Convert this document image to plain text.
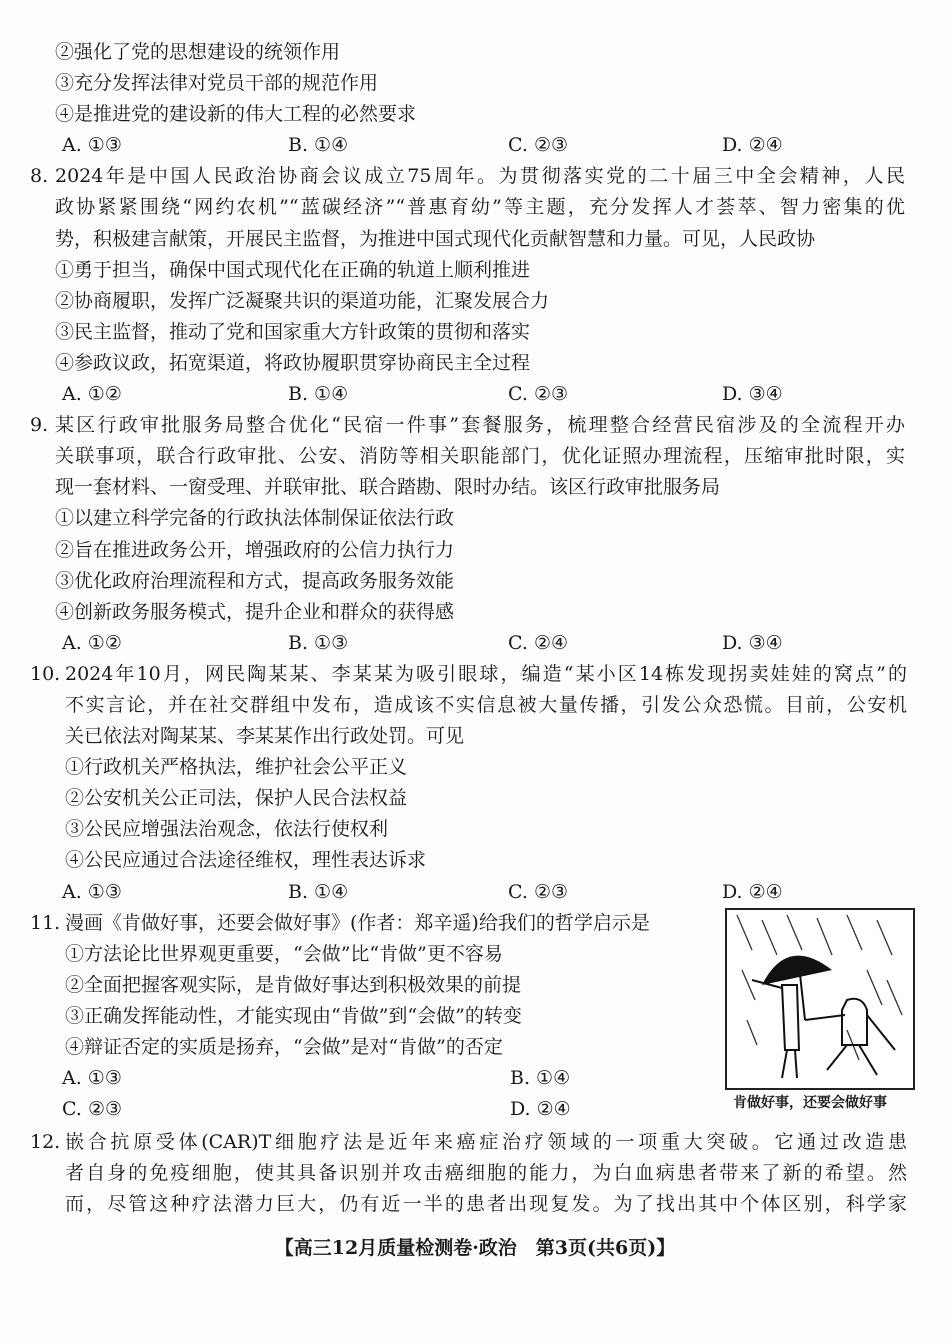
②强化了党的思想建设的统领作用
③充分发挥法律对党员干部的规范作用
④是推进党的建设新的伟大工程的必然要求
A. ①③	B. ①④	C. ②③	D. ②④
8. 2024年是中国人民政治协商会议成立75周年。为贯彻落实党的二十届三中全会精神，人民
政协紧紧围绕“网约农机”“蓝碳经济”“普惠育幼”等主题，充分发挥人才荟萃、智力密集的优
势，积极建言献策，开展民主监督，为推进中国式现代化贡献智慧和力量。可见，人民政协
①勇于担当，确保中国式现代化在正确的轨道上顺利推进
②协商履职，发挥广泛凝聚共识的渠道功能，汇聚发展合力
③民主监督，推动了党和国家重大方针政策的贯彻和落实
④参政议政，拓宽渠道，将政协履职贯穿协商民主全过程
A. ①②	B. ①④	C. ②③	D. ③④
9. 某区行政审批服务局整合优化“民宿一件事”套餐服务，梳理整合经营民宿涉及的全流程开办
关联事项，联合行政审批、公安、消防等相关职能部门，优化证照办理流程，压缩审批时限，实
现一套材料、一窗受理、并联审批、联合踏勘、限时办结。该区行政审批服务局
①以建立科学完备的行政执法体制保证依法行政
②旨在推进政务公开，增强政府的公信力执行力
③优化政府治理流程和方式，提高政务服务效能
④创新政务服务模式，提升企业和群众的获得感
A. ①②	B. ①③	C. ②④	D. ③④
10. 2024年10月，网民陶某某、李某某为吸引眼球，编造“某小区14栋发现拐卖娃娃的窝点”的
不实言论，并在社交群组中发布，造成该不实信息被大量传播，引发公众恐慌。目前，公安机
关已依法对陶某某、李某某作出行政处罚。可见
①行政机关严格执法，维护社会公平正义
②公安机关公正司法，保护人民合法权益
③公民应增强法治观念，依法行使权利
④公民应通过合法途径维权，理性表达诉求
A. ①③	B. ①④	C. ②③	D. ②④
11. 漫画《肯做好事，还要会做好事》(作者：郑辛遥)给我们的哲学启示是
①方法论比世界观更重要，“会做”比“肯做”更不容易
②全面把握客观实际，是肯做好事达到积极效果的前提
③正确发挥能动性，才能实现由“肯做”到“会做”的转变
④辩证否定的实质是扬弃，“会做”是对“肯做”的否定
A. ①③	B. ①④
C. ②③	D. ②④
12. 嵌合抗原受体(CAR)T细胞疗法是近年来癌症治疗领域的一项重大突破。它通过改造患
者自身的免疫细胞，使其具备识别并攻击癌细胞的能力，为白血病患者带来了新的希望。然
而，尽管这种疗法潜力巨大，仍有近一半的患者出现复发。为了找出其中个体区别，科学家
肯做好事，还要会做好事
【高三12月质量检测卷·政治　第3页(共6页)】
